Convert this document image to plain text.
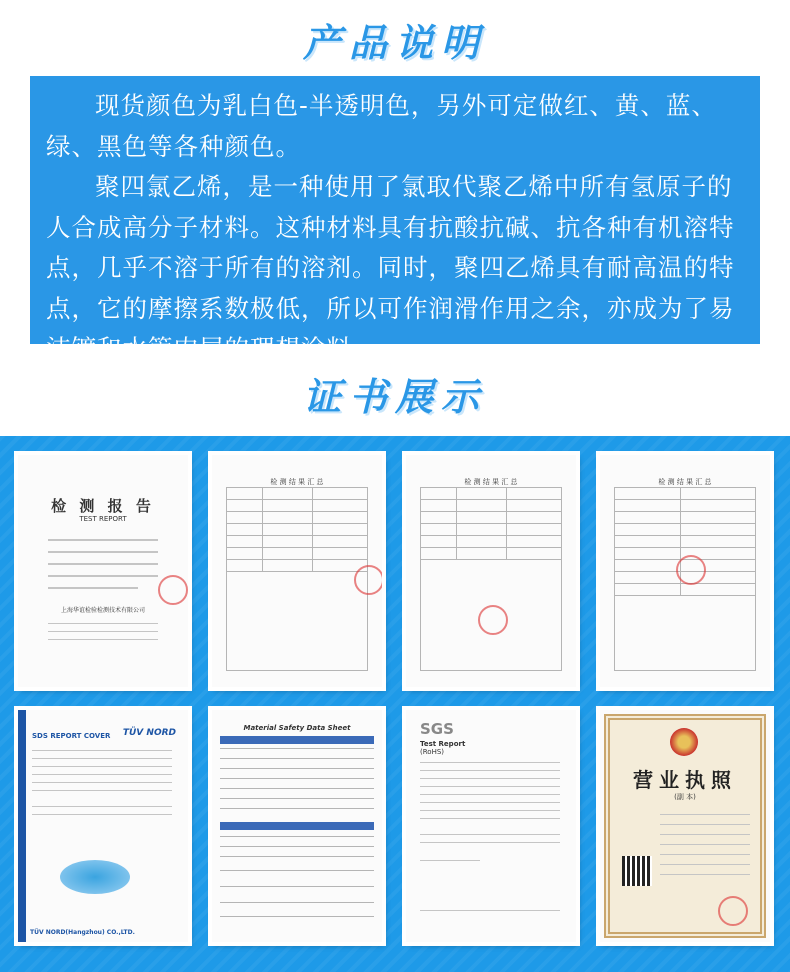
产品说明

现货颜色为乳白色-半透明色，另外可定做红、黄、蓝、绿、黑色等各种颜色。

聚四氯乙烯，是一种使用了氯取代聚乙烯中所有氢原子的人合成高分子材料。这种材料具有抗酸抗碱、抗各种有机溶特点，几乎不溶于所有的溶剂。同时，聚四乙烯具有耐高温的特点，它的摩擦系数极低，所以可作润滑作用之余，亦成为了易洁镀和水管内层的理想涂料。

证书展示
检 测 报 告
TEST REPORT
上海华谊检验检测技术有限公司
检 测 结 果 汇 总	检 测 结 果 汇 总	检 测 结 果 汇 总
TÜV NORD
SDS REPORT COVER
TÜV NORD(Hangzhou) CO.,LTD.
Material Safety Data Sheet	SGS
Test Report
(RoHS)
营业执照
(副 本)
